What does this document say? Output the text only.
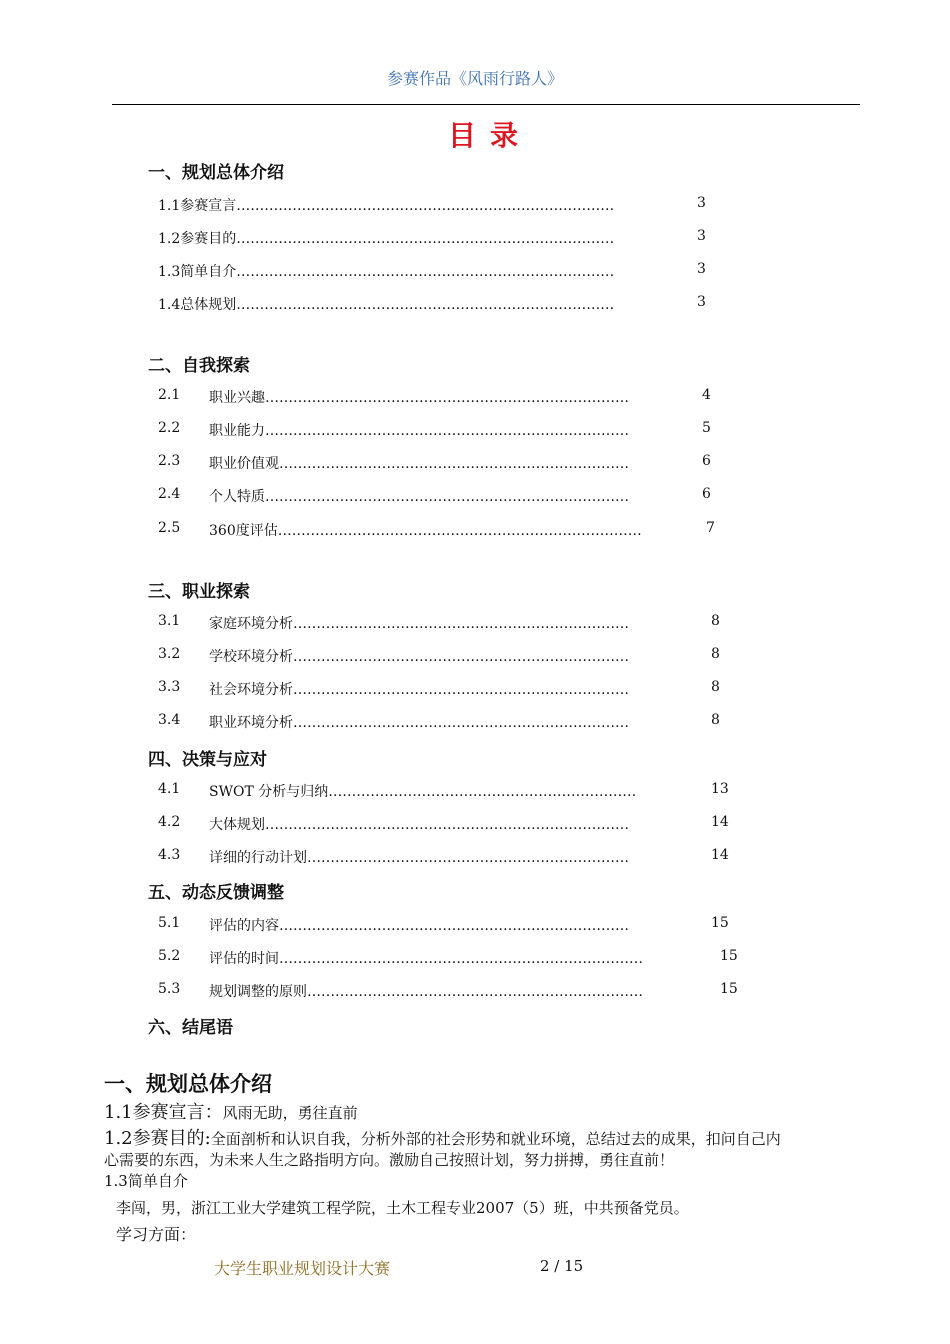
参赛作品《风雨行路人》
目录
一、规划总体介绍
1.1参赛宣言………………………………………………………………………	3
1.2参赛目的………………………………………………………………………	3
1.3简单自介………………………………………………………………………	3
1.4总体规划………………………………………………………………………	3
二、自我探索
2.1 职业兴趣……………………………………………………………………	4
2.2 职业能力……………………………………………………………………	5
2.3 职业价值观…………………………………………………………………	6
2.4 个人特质……………………………………………………………………	6
2.5 360度评估……………………………………………………………………	7
三、职业探索
3.1 家庭环境分析………………………………………………………………	8
3.2 学校环境分析………………………………………………………………	8
3.3 社会环境分析………………………………………………………………	8
3.4 职业环境分析………………………………………………………………	8
四、决策与应对
4.1 SWOT 分析与归纳…………………………………………………………	13
4.2 大体规划……………………………………………………………………	14
4.3 详细的行动计划……………………………………………………………	14
五、动态反馈调整
5.1 评估的内容…………………………………………………………………	15
5.2 评估的时间……………………………………………………………………	15
5.3 规划调整的原则………………………………………………………………	15
六、结尾语
一、规划总体介绍
1.1参赛宣言：风雨无助，勇往直前
1.2参赛目的:全面剖析和认识自我，分析外部的社会形势和就业环境，总结过去的成果，扣问自己内
心需要的东西，为未来人生之路指明方向。激励自己按照计划，努力拼搏，勇往直前！
1.3简单自介
李闯，男，浙江工业大学建筑工程学院，土木工程专业2007（5）班，中共预备党员。
学习方面：
大学生职业规划设计大赛	2 / 15
